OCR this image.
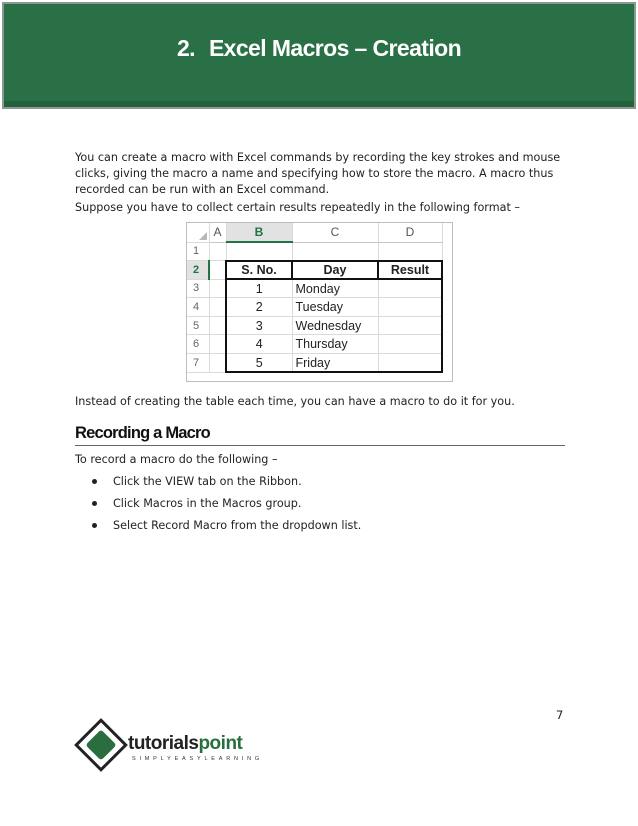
2. Excel Macros – Creation

You can create a macro with Excel commands by recording the key strokes and mouse clicks, giving the macro a name and specifying how to store the macro. A macro thus recorded can be run with an Excel command.

Suppose you have to collect certain results repeatedly in the following format –

	A	B	C	D
1				
2		S. No.	Day	Result
3		1	Monday	
4		2	Tuesday	
5		3	Wednesday	
6		4	Thursday	
7		5	Friday	

Instead of creating the table each time, you can have a macro to do it for you.

Recording a Macro

To record a macro do the following –

Click the VIEW tab on the Ribbon.
Click Macros in the Macros group.
Select Record Macro from the dropdown list.
7
tutorialspoint
SIMPLYEASYLEARNING
